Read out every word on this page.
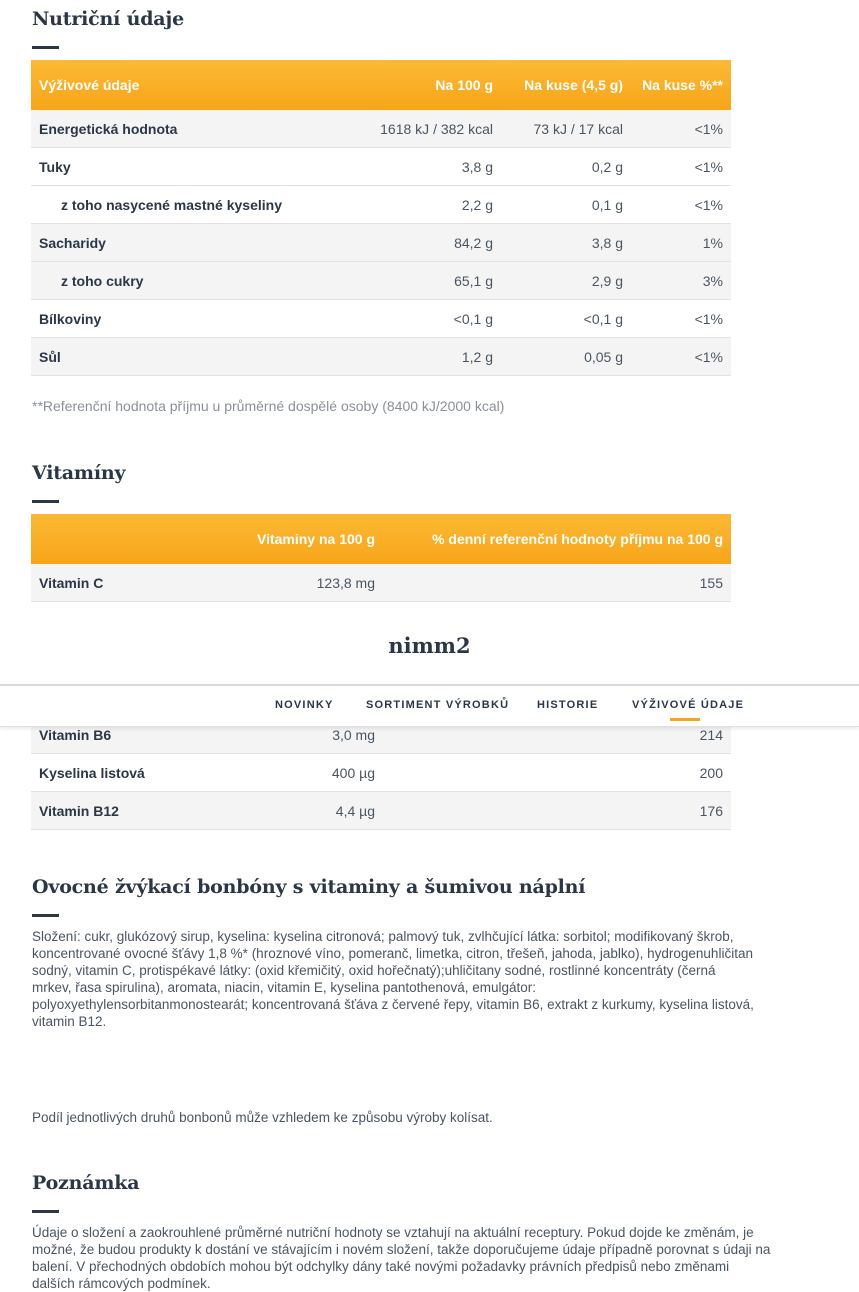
Nutriční údaje
Výživové údaje	Na 100 g	Na kuse (4,5 g)	Na kuse %**
Energetická hodnota	1618 kJ / 382 kcal	73 kJ / 17 kcal	<1%
Tuky	3,8 g	0,2 g	<1%
z toho nasycené mastné kyseliny	2,2 g	0,1 g	<1%
Sacharidy	84,2 g	3,8 g	1%
z toho cukry	65,1 g	2,9 g	3%
Bílkoviny	<0,1 g	<0,1 g	<1%
Sůl	1,2 g	0,05 g	<1%
**Referenční hodnota příjmu u průměrné dospělé osoby (8400 kJ/2000 kcal)
Vitamíny
	Vitaminy na 100 g	% denní referenční hodnoty příjmu na 100 g
Vitamin C	123,8 mg	155
nimm2
NOVINKY	SORTIMENT VÝROBKŮ	HISTORIE	VÝŽIVOVÉ ÚDAJE
Vitamin B6	3,0 mg	214
Kyselina listová	400 µg	200
Vitamin B12	4,4 µg	176
Ovocné žvýkací bonbóny s vitaminy a šumivou náplní
Složení: cukr, glukózový sirup, kyselina: kyselina citronová; palmový tuk, zvlhčující látka: sorbitol; modifikovaný škrob,
koncentrované ovocné šťávy 1,8 %* (hroznové víno, pomeranč, limetka, citron, třešeň, jahoda, jablko), hydrogenuhličitan
sodný, vitamin C, protispékavé látky: (oxid křemičitý, oxid hořečnatý);uhličitany sodné, rostlinné koncentráty (černá
mrkev, řasa spirulina), aromata, niacin, vitamin E, kyselina pantothenová, emulgátor:
polyoxyethylensorbitanmonostearát; koncentrovaná šťáva z červené řepy, vitamin B6, extrakt z kurkumy, kyselina listová,
vitamin B12.
Podíl jednotlivých druhů bonbonů může vzhledem ke způsobu výroby kolísat.
Poznámka
Údaje o složení a zaokrouhlené průměrné nutriční hodnoty se vztahují na aktuální receptury. Pokud dojde ke změnám, je
možné, že budou produkty k dostání ve stávajícím i novém složení, takže doporučujeme údaje případně porovnat s údaji na
balení. V přechodných obdobích mohou být odchylky dány také novými požadavky právních předpisů nebo změnami
dalších rámcových podmínek.
